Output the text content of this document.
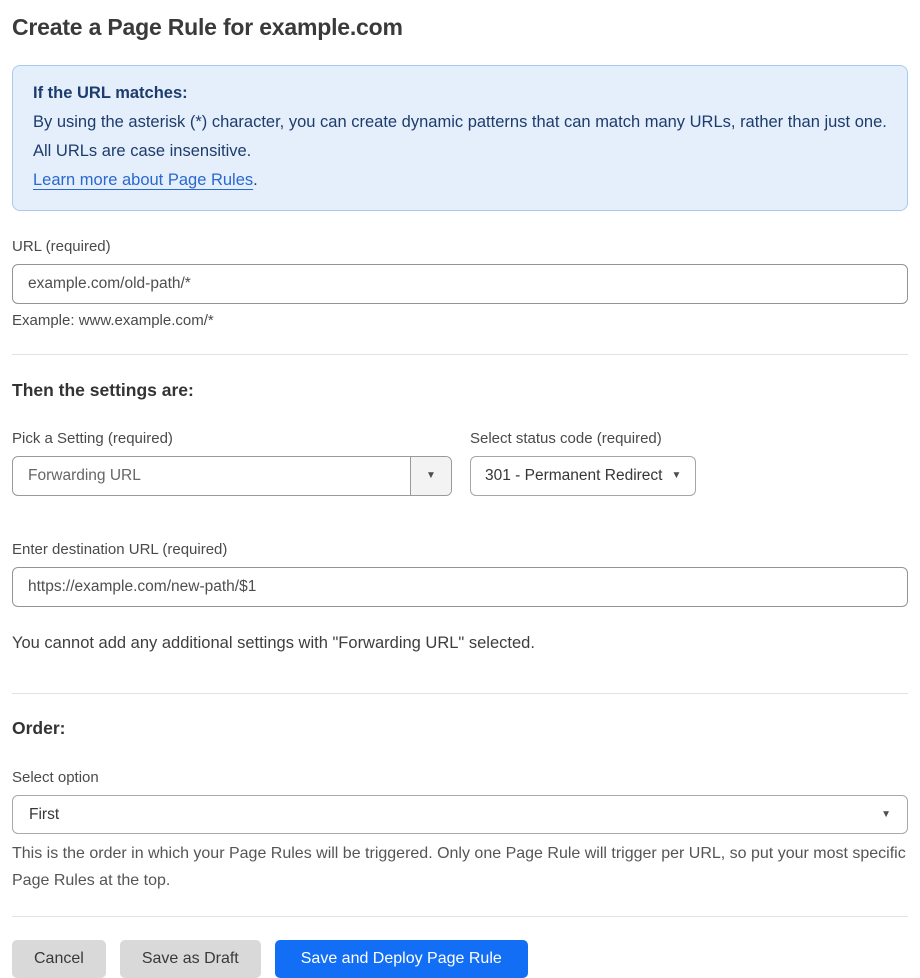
Create a Page Rule for example.com
If the URL matches:
By using the asterisk (*) character, you can create dynamic patterns that can match many URLs, rather than just one. All URLs are case insensitive.
Learn more about Page Rules.
URL (required)
example.com/old-path/*
Example: www.example.com/*
Then the settings are:
Pick a Setting (required)
Forwarding URL	▼
Select status code (required)
301 - Permanent Redirect ▼
Enter destination URL (required)
https://example.com/new-path/$1
You cannot add any additional settings with "Forwarding URL" selected.
Order:
Select option
First	▼
This is the order in which your Page Rules will be triggered. Only one Page Rule will trigger per URL, so put your most specific Page Rules at the top.
Cancel	Save as Draft	Save and Deploy Page Rule
